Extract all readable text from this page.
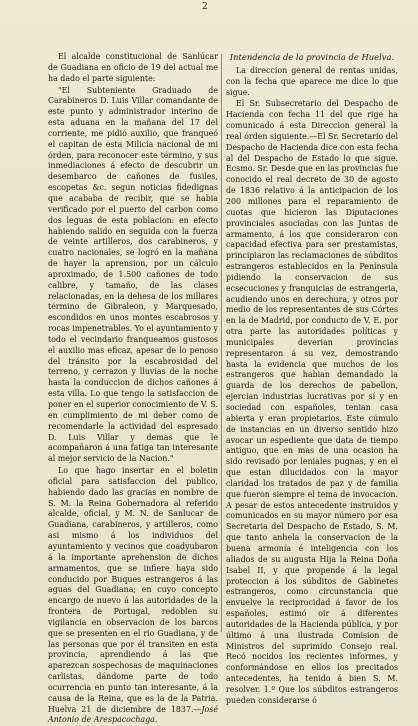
2

El alcalde constitucional de Sanlúcar de Guadiana en oficio de 19 del actual me ha dado el parte siguiente:

"El Subteniente Graduado de Carabineros D. Luis Villar comandante de este punto y administrador interino de esta aduana en la mañana del 17 del corriente, me pidió auxilio, que franqueó el capitan de esta Milicia nacional de mi órden, para reconocer este término, y sus inmediaciones á efecto de descubrir un desembarco de cañones de fusiles, escopetas &c. segun noticias fidedignas que acababa de recibir, que se habia verificado por el puerto del carbon como dos leguas de esta poblacion: en efecto habiendo salido en seguida con la fuerza de veinte artilleros, dos carabineros, y cuatro nacionales, se logró en la mañana de hayer la aprension, por un cálculo aproximado, de 1.500 cañones de todo calibre, y tamaño, de las clases relacionadas, en la dehesa de los millares término de Gibraleon, y Marquesado, escondidos en unos montes escabrosos y rocas impenetrables. Yo el ayuntamiento y todo el vecindario franqueamos gustosos el auxilio mas eficaz, apesar de lo penoso del tránsito por la escabrosidad del terreno, y cerrazon y lluvias de la noche hasta la conduccion de dichos cañones á esta villa. Lo que tengo la satisfaccion de poner en el superior conocimiento de V. S. en cumplimiento de mi deber como de recomendarle la actividad del espresado D. Luis Villar y demas que le acompañaron á una fatiga tan interesante al mejor servicio de la Nacion."

Lo que hago insertar en el boletin oficial para satisfaccion del publico, habiendo dado las gracias en nombre de S. M. la Reina Gobernadora al referido alcalde, oficial, y M. N. de Sanlucar de Guadiana, carabineros, y artilleros, como asi mismo á los individuos del ayuntamiento y vecinos que coadyubaron á la importante aprehension de dichos armamentos, que se infiere haya sido conducido por Buques estrangeros á las aguas del Guadiana; en cuyo concepto encargo de nuevo á las autoridades de la frontera de Portugal, redoblen su vigilancia en observacion de los barcos que se presenten en el rio Guadiana, y de las personas que por él transiten en esta provincia, aprendiendo á las que aparezcan sospechosas de maquinaciones carlistas, dándome parte de todo ocurrencia en punto tan interesante, á la causa de la Reina, que es la de la Patria. Huelva 21 de diciembre de 1837.—José Antonio de Arespacochaga.

Intendencia de la provincia de Huelva.

La direccion general de rentas unidas, con la fecha que aparece me dice lo que sigue.

El Sr. Subsecretario del Despacho de Hacienda con fecha 11 del que rige ha comunicado á esta Direccion general la real órden siguiente.—El Sr. Secretario del Despacho de Hacienda dice con esta fecha al del Despacho de Estado lo que sigue. Ecsmo. Sr. Desde que en las provincias fue conocido el real decreto de 30 de agosto de 1836 relativo á la anticipacion de los 200 millones para el reparamiento de cuotas que hicieron las Diputaciones provinciales asociadas con las Juntas de armamento, á los que consideraron con capacidad efectiva para ser prestamistas, principiaron las reclamaciones de súbditos estrangeros establecidos en la Península pidiendo la conservacion de sus ecsecuciones y franquicias de estrangeria, acudiendo unos en derechura, y otros por medio de los representantes de sus Córtes en la de Madrid, por conducto de V. E. por otra parte las autoridades políticas y municipales deverian provincias representaron á su vez, demostrando hasta la evidencia que muchos de los estrangeros que habian demandado la guarda de los derechos de pabellon, ejercian industrias lucrativas por sí y en sociedad con españoles, tenian casa abierta y eran propietarios. Este cúmulo de instancias en un diverso sentido hizo avocar un espediente que data de tiempo antiguo, que en mas de una ocasion ha sido revisado por leniales pugnas, y en el que estan dilucidados con la mayor claridad los tratados de paz y de familia que fueron siempre el tema de invocacion. A pesar de estos antecedente instruidos y comunicados en su mayor número por esa Secretaria del Despacho de Estado, S. M. que tanto anhela la conservacion de la buena armonía é inteligencia con los aliados de su augusta Hija la Reina Doña Isabel II, y que propende á la legal proteccion á los súbditos de Gabinetes estrangeros, como circunstancia que envuelve la reciprocidad á favor de los españoles, estimó oir á diferentes autoridades de la Hacienda pública, y por último á una ilustrada Comision de Ministros del suprimido Consejo real. Recó nocidos los recientes informes, y conformándose en ellos los precitados antecedentes, ha tenido á bien S. M. resolver. 1.º Que los súbditos estrangeros pueden considerarse ó
